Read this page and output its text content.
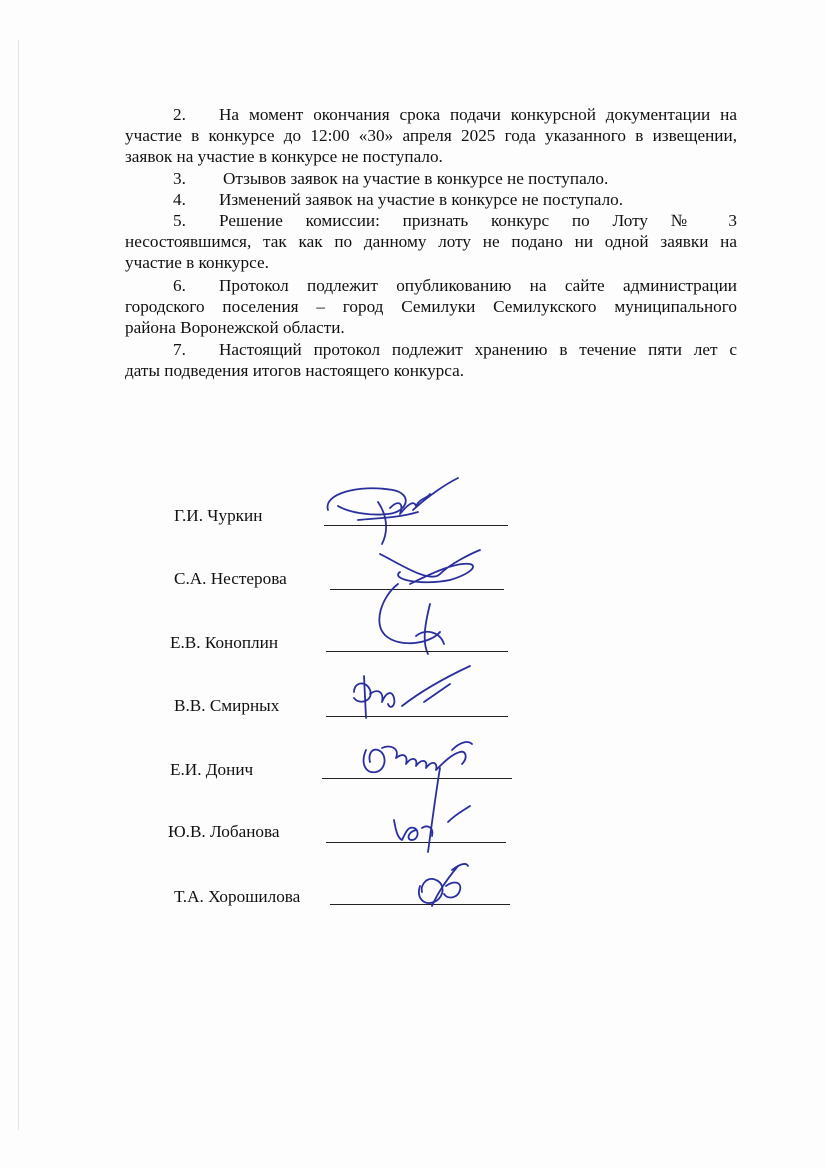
2. На момент окончания срока подачи конкурсной документации на
участие в конкурсе до 12:00 «30» апреля 2025 года указанного в извещении,
заявок на участие в конкурсе не поступало.
3. Отзывов заявок на участие в конкурсе не поступало.
4. Изменений заявок на участие в конкурсе не поступало.
5. Решение комиссии: признать конкурс по Лоту № 3
несостоявшимся, так как по данному лоту не подано ни одной заявки на
участие в конкурсе.
6. Протокол подлежит опубликованию на сайте администрации
городского поселения – город Семилуки Семилукского муниципального
района Воронежской области.
7. Настоящий протокол подлежит хранению в течение пяти лет с
даты подведения итогов настоящего конкурса.
Г.И. Чуркин
С.А. Нестерова
Е.В. Коноплин
В.В. Смирных
Е.И. Донич
Ю.В. Лобанова
Т.А. Хорошилова
